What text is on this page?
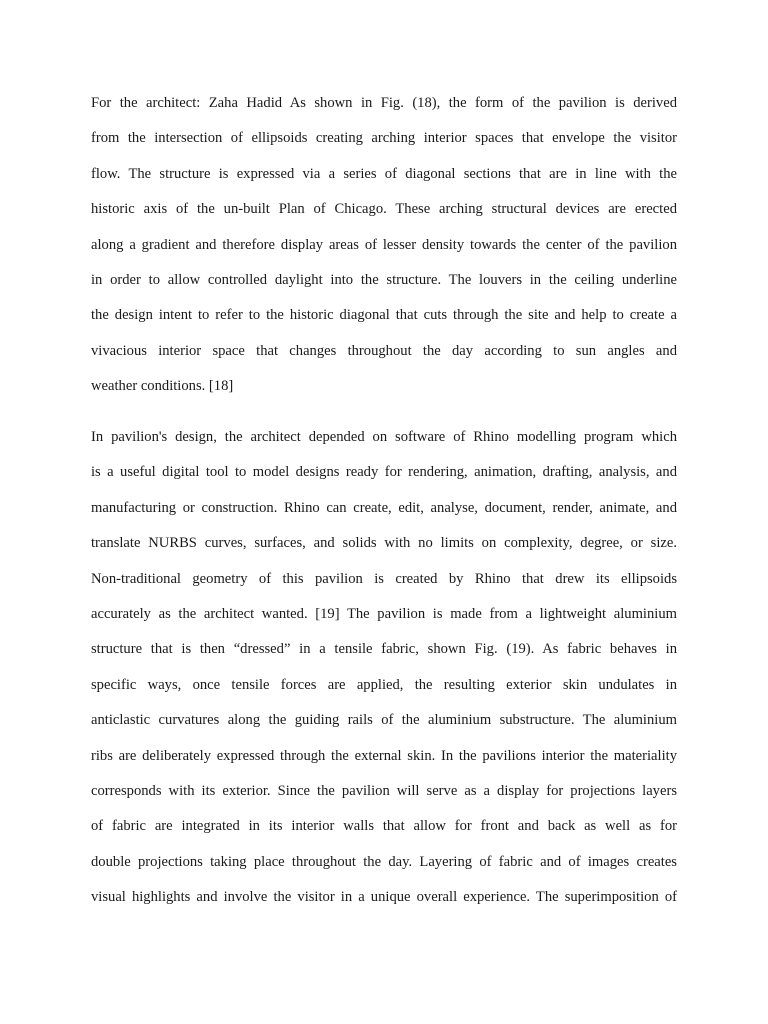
For the architect: Zaha Hadid As shown in Fig. (18), the form of the pavilion is derived
from the intersection of ellipsoids creating arching interior spaces that envelope the visitor
flow. The structure is expressed via a series of diagonal sections that are in line with the
historic axis of the un-built Plan of Chicago. These arching structural devices are erected
along a gradient and therefore display areas of lesser density towards the center of the pavilion
in order to allow controlled daylight into the structure. The louvers in the ceiling underline
the design intent to refer to the historic diagonal that cuts through the site and help to create a
vivacious interior space that changes throughout the day according to sun angles and
weather conditions. [18]
In pavilion's design, the architect depended on software of Rhino modelling program which
is a useful digital tool to model designs ready for rendering, animation, drafting, analysis, and
manufacturing or construction. Rhino can create, edit, analyse, document, render, animate, and
translate NURBS curves, surfaces, and solids with no limits on complexity, degree, or size.
Non-traditional geometry of this pavilion is created by Rhino that drew its ellipsoids
accurately as the architect wanted. [19] The pavilion is made from a lightweight aluminium
structure that is then “dressed” in a tensile fabric, shown Fig. (19). As fabric behaves in
specific ways, once tensile forces are applied, the resulting exterior skin undulates in
anticlastic curvatures along the guiding rails of the aluminium substructure. The aluminium
ribs are deliberately expressed through the external skin. In the pavilions interior the materiality
corresponds with its exterior. Since the pavilion will serve as a display for projections layers
of fabric are integrated in its interior walls that allow for front and back as well as for
double projections taking place throughout the day. Layering of fabric and of images creates
visual highlights and involve the visitor in a unique overall experience. The superimposition of
